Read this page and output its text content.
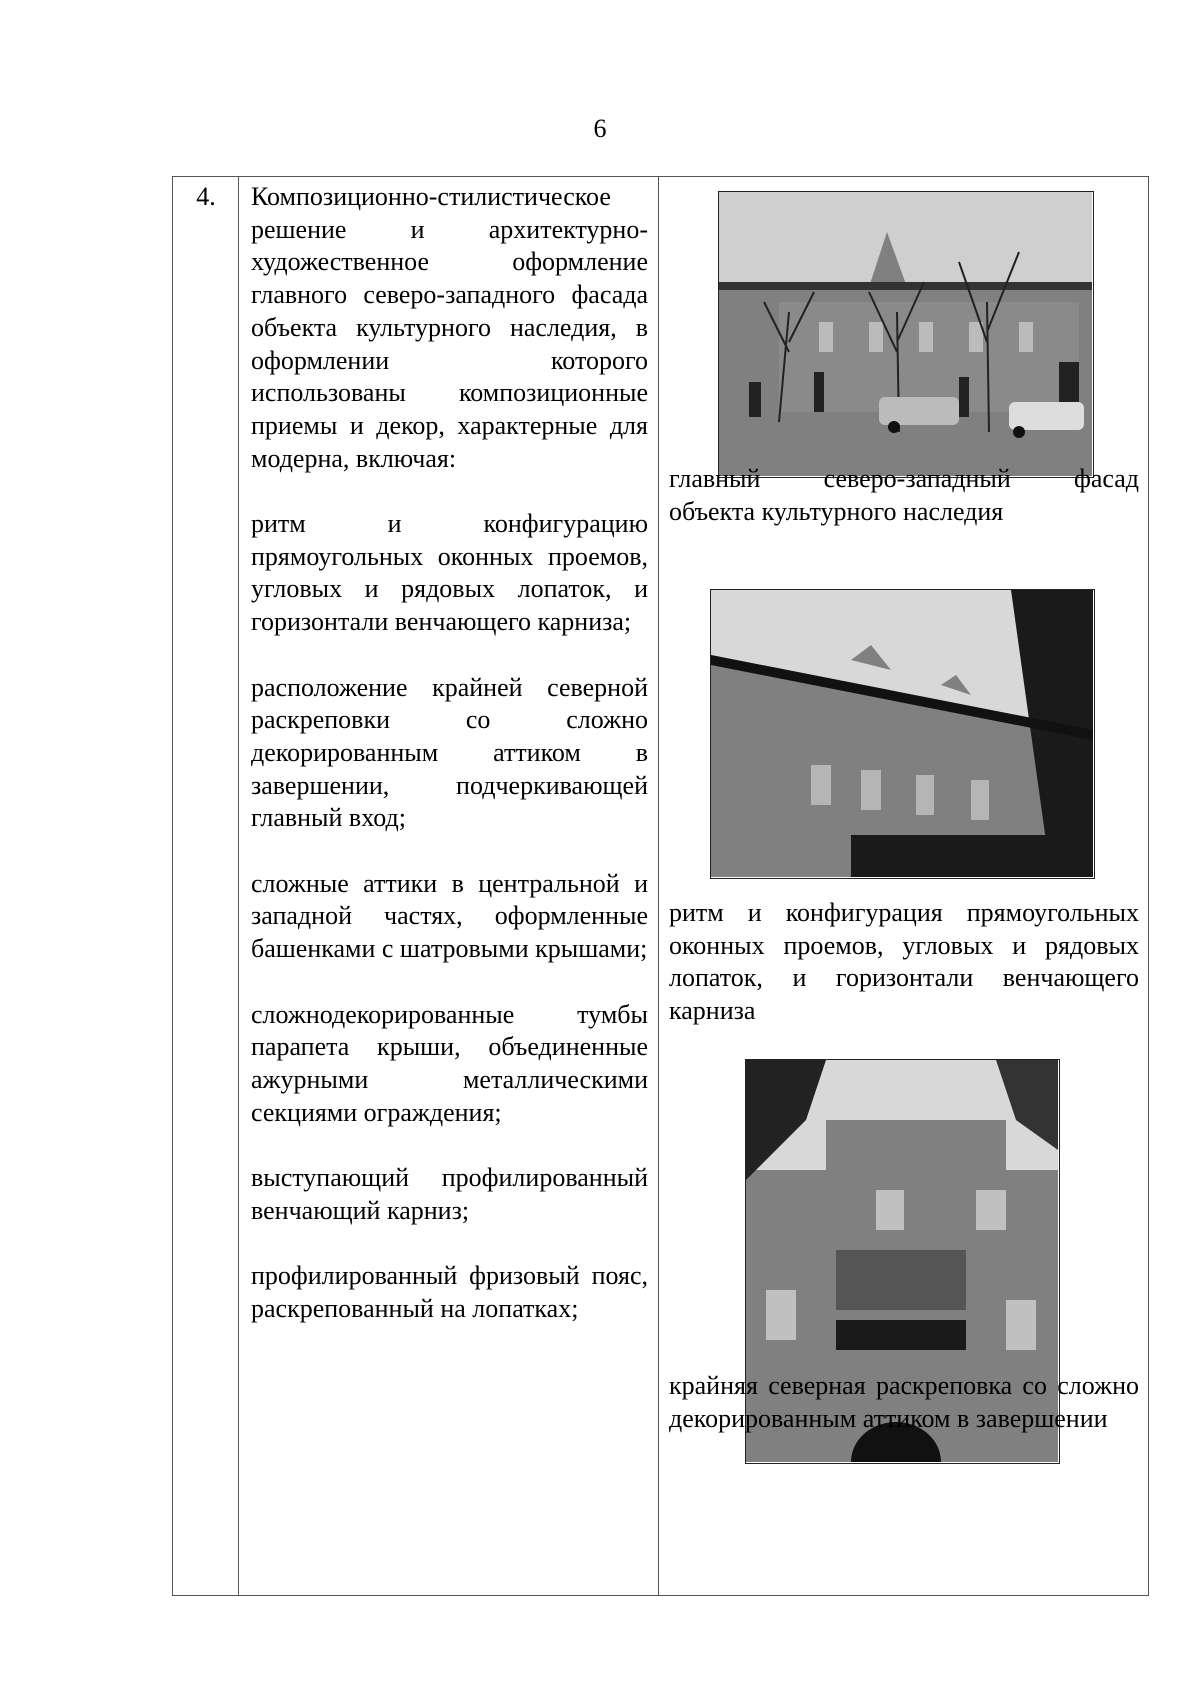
6
4.	Композиционно-стилистическое решение и архитектурно-художественное оформление главного северо-западного фасада объекта культурного наследия, в оформлении которого использованы композиционные приемы и декор, характерные для модерна, включая:

ритм и конфигурацию прямоугольных оконных проемов, угловых и рядовых лопаток, и горизонтали венчающего карниза;

расположение крайней северной раскреповки со сложно декорированным аттиком в завершении, подчеркивающей главный вход;

сложные аттики в центральной и западной частях, оформленные башенками с шатровыми крышами;

сложнодекорированные тумбы парапета крыши, объединенные ажурными металлическими секциями ограждения;

выступающий профилированный венчающий карниз;

профилированный фризовый пояс, раскрепованный на лопатках;

главный северо-западный фасад

объекта культурного наследия

ритм и конфигурация прямоугольных оконных проемов, угловых и рядовых лопаток, и горизонтали венчающего карниза

крайняя северная раскреповка со сложно декорированным аттиком в завершении
